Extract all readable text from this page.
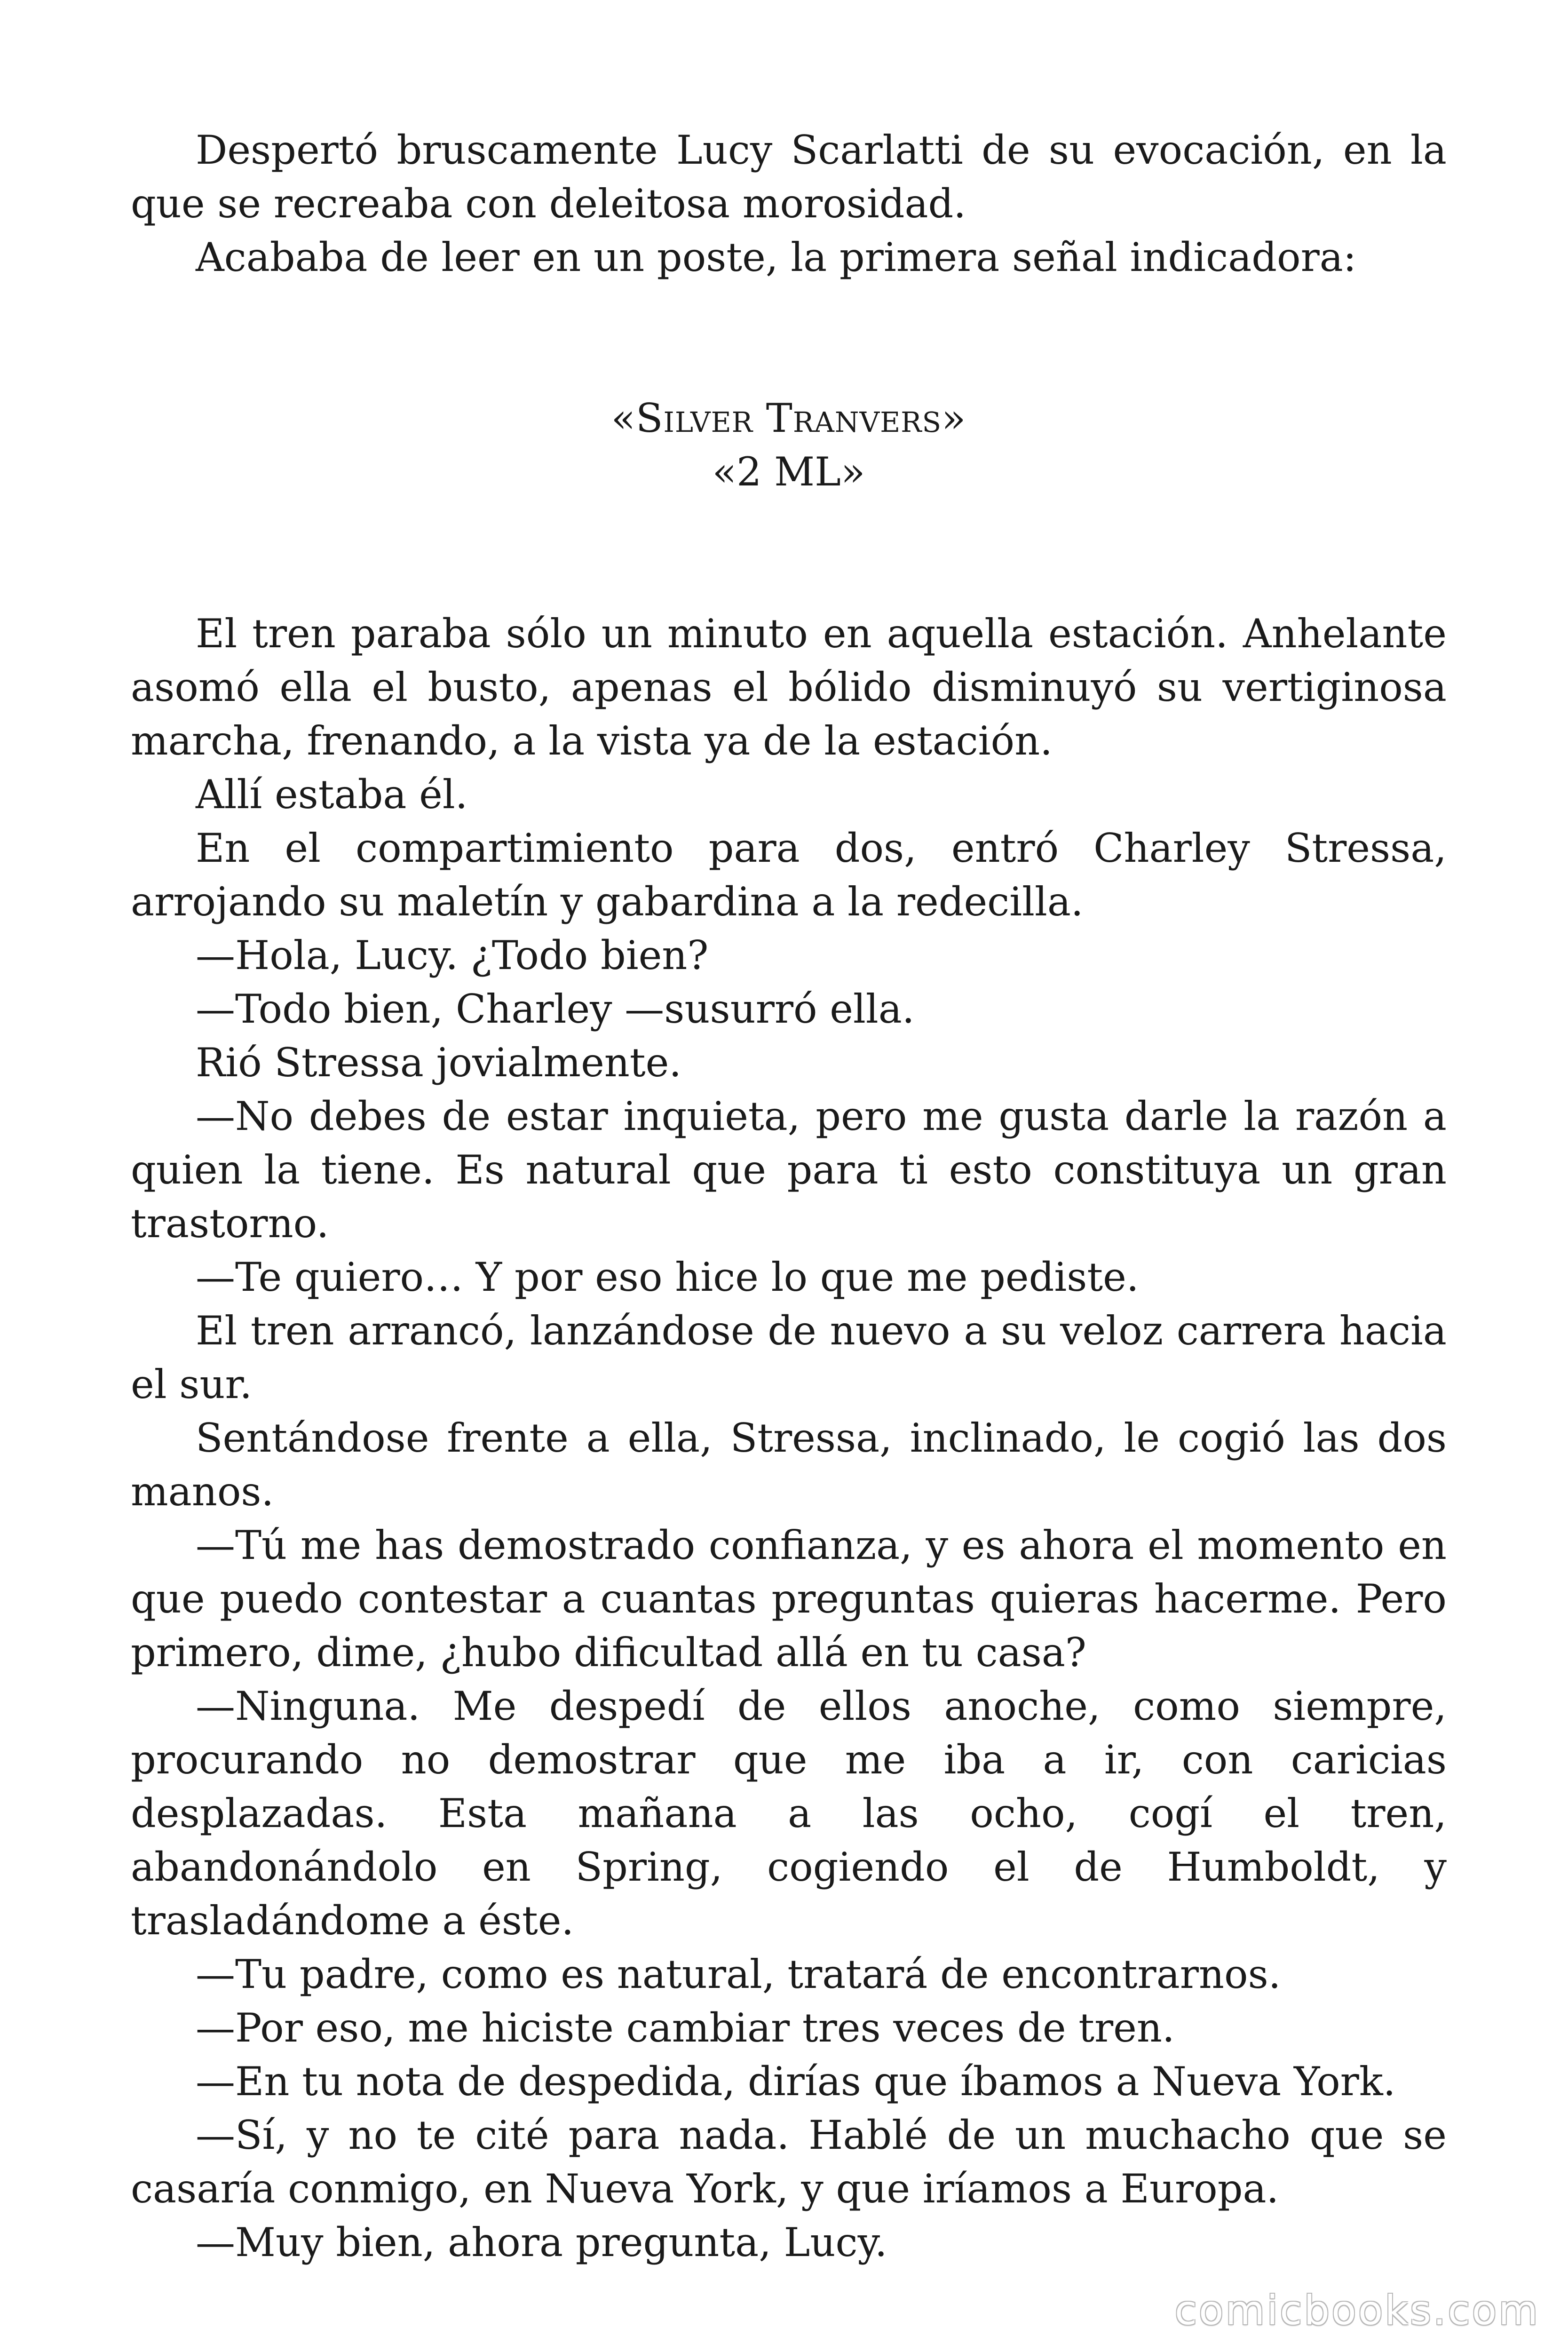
Despertó bruscamente Lucy Scarlatti de su evocación, en la que se recreaba con deleitosa morosidad.

Acababa de leer en un poste, la primera señal indicadora:

«Silver Tranvers»
«2 ML»

El tren paraba sólo un minuto en aquella estación. Anhelante asomó ella el busto, apenas el bólido disminuyó su vertiginosa marcha, frenando, a la vista ya de la estación.

Allí estaba él.

En el compartimiento para dos, entró Charley Stressa, arrojando su maletín y gabardina a la redecilla.

—Hola, Lucy. ¿Todo bien?

—Todo bien, Charley —susurró ella.

Rió Stressa jovialmente.

—No debes de estar inquieta, pero me gusta darle la razón a quien la tiene. Es natural que para ti esto constituya un gran trastorno.

—Te quiero… Y por eso hice lo que me pediste.

El tren arrancó, lanzándose de nuevo a su veloz carrera hacia el sur.

Sentándose frente a ella, Stressa, inclinado, le cogió las dos manos.

—Tú me has demostrado confianza, y es ahora el momento en que puedo contestar a cuantas preguntas quieras hacerme. Pero primero, dime, ¿hubo dificultad allá en tu casa?

—Ninguna. Me despedí de ellos anoche, como siempre, procurando no demostrar que me iba a ir, con caricias desplazadas. Esta mañana a las ocho, cogí el tren, abandonándolo en Spring, cogiendo el de Humboldt, y trasladándome a éste.

—Tu padre, como es natural, tratará de encontrarnos.

—Por eso, me hiciste cambiar tres veces de tren.

—En tu nota de despedida, dirías que íbamos a Nueva York.

—Sí, y no te cité para nada. Hablé de un muchacho que se casaría conmigo, en Nueva York, y que iríamos a Europa.

—Muy bien, ahora pregunta, Lucy.

comicbooks.com
